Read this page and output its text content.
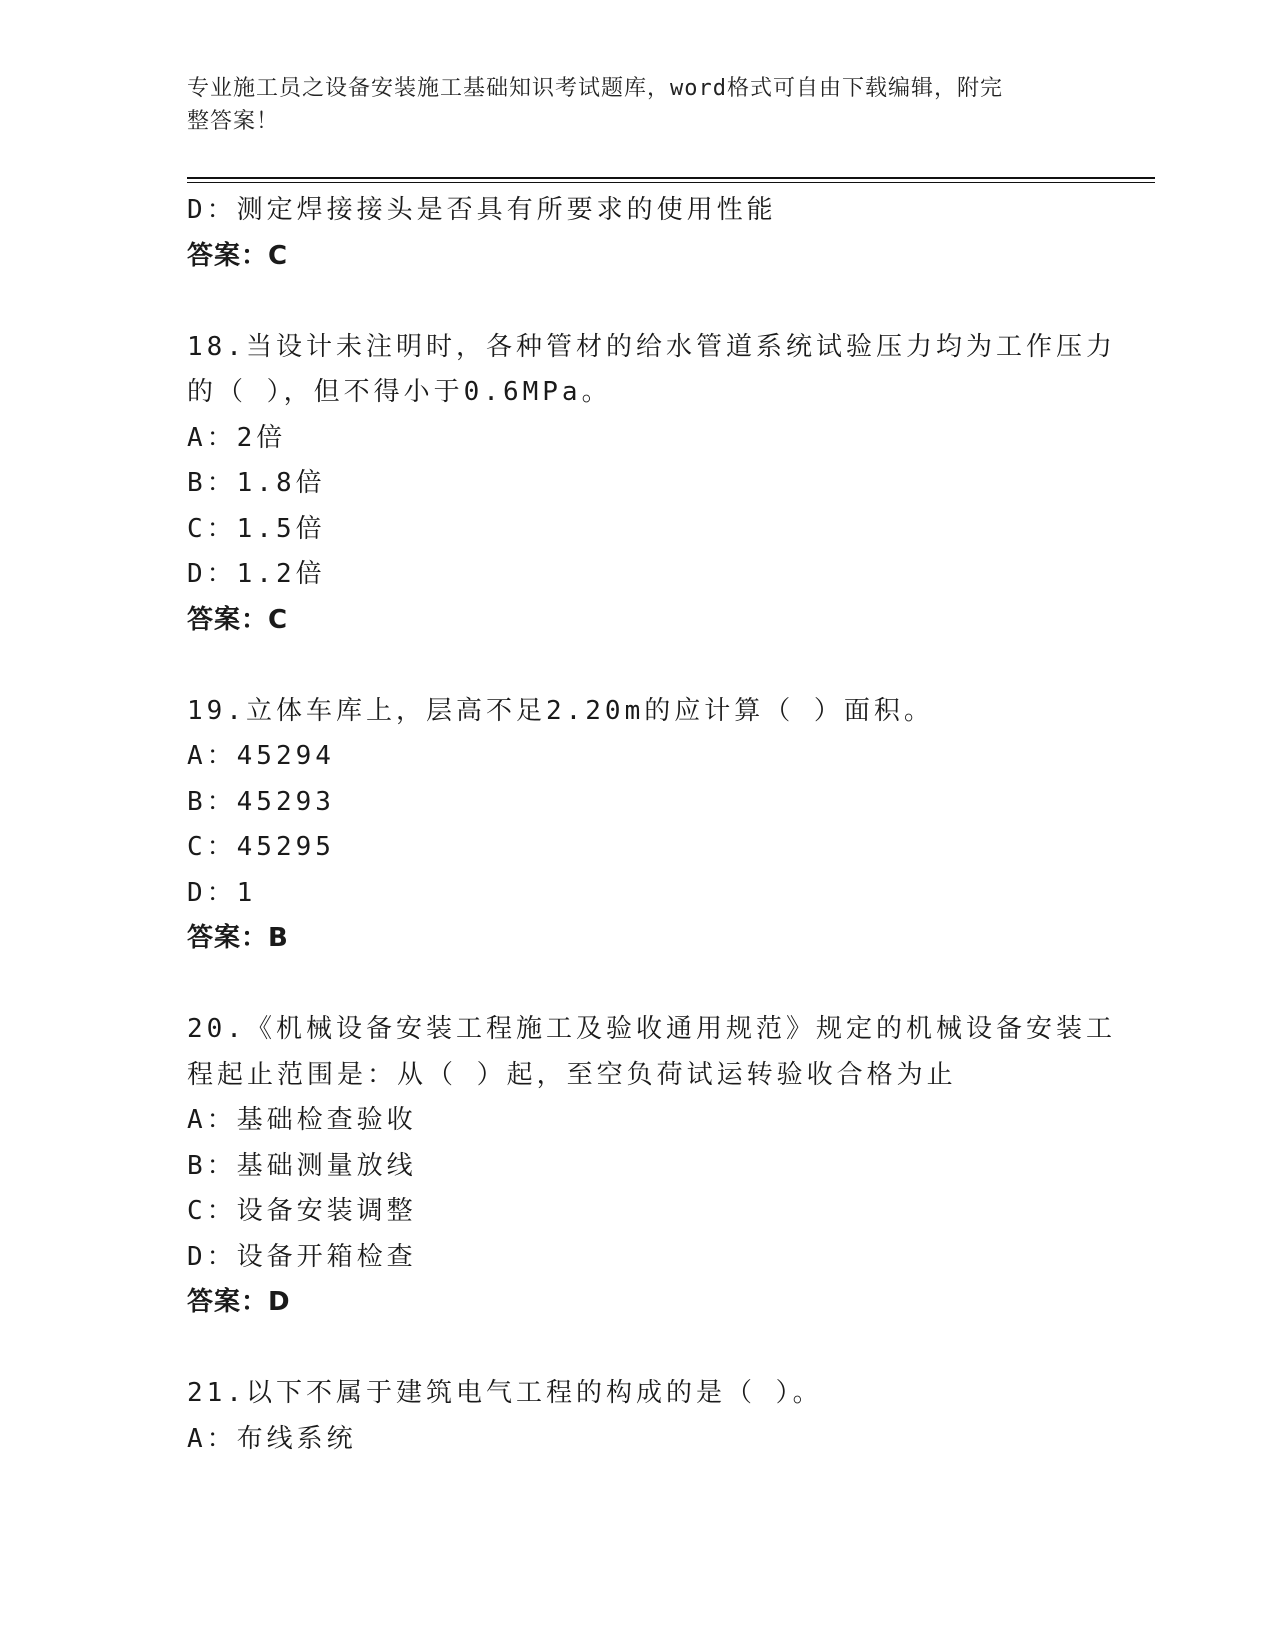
专业施工员之设备安装施工基础知识考试题库，word格式可自由下载编辑，附完
整答案！
D：测定焊接接头是否具有所要求的使用性能
答案：C
18.当设计未注明时，各种管材的给水管道系统试验压力均为工作压力
的（ ），但不得小于0.6MPa。
A：2倍
B：1.8倍
C：1.5倍
D：1.2倍
答案：C
19.立体车库上，层高不足2.20m的应计算（ ）面积。
A：45294
B：45293
C：45295
D：1
答案：B
20.《机械设备安装工程施工及验收通用规范》规定的机械设备安装工
程起止范围是：从（ ）起，至空负荷试运转验收合格为止
A：基础检查验收
B：基础测量放线
C：设备安装调整
D：设备开箱检查
答案：D
21.以下不属于建筑电气工程的构成的是（ ）。
A：布线系统
